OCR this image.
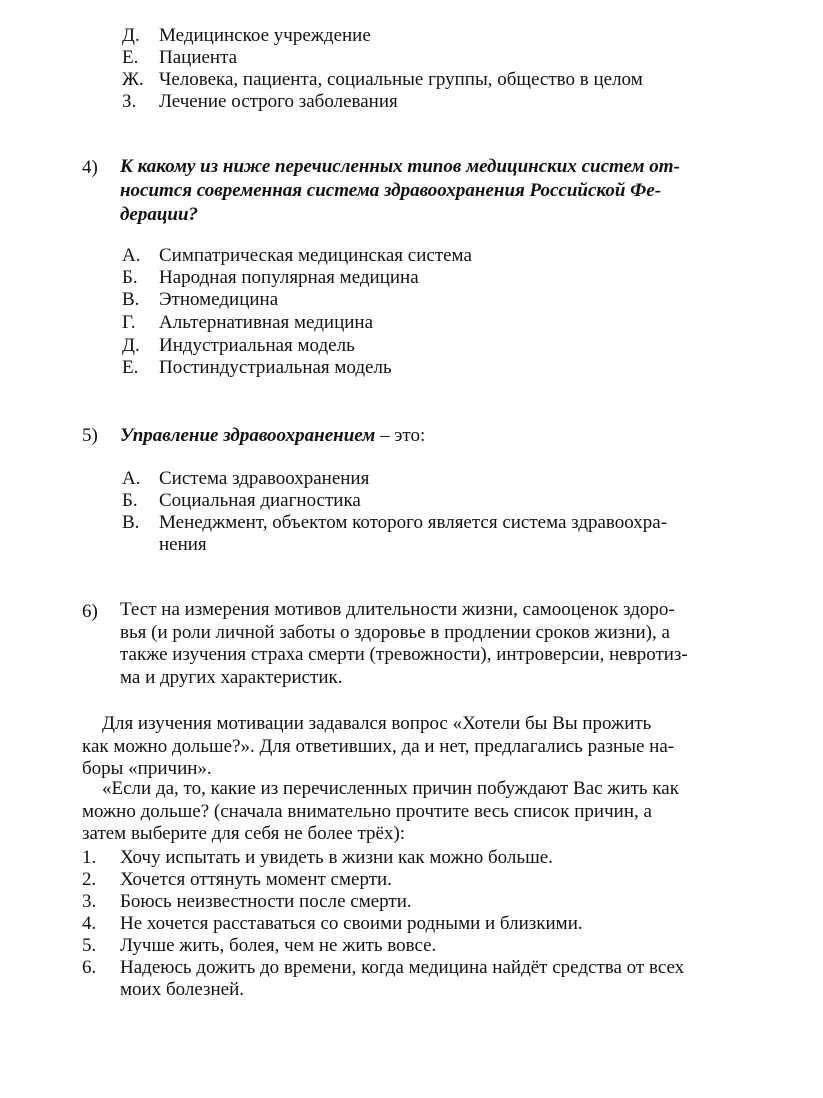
Д. Медицинское учреждение
Е. Пациента
Ж. Человека, пациента, социальные группы, общество в целом
З. Лечение острого заболевания
4) К какому из ниже перечисленных типов медицинских систем от-
носится современная система здравоохранения Российской Фе-
дерации?
А. Симпатрическая медицинская система
Б. Народная популярная медицина
В. Этномедицина
Г. Альтернативная медицина
Д. Индустриальная модель
Е. Постиндустриальная модель
5) Управление здравоохранением – это:
А. Система здравоохранения
Б. Социальная диагностика
В. Менеджмент, объектом которого является система здравоохра-
нения
6) Тест на измерения мотивов длительности жизни, самооценок здоро-
вья (и роли личной заботы о здоровье в продлении сроков жизни), а
также изучения страха смерти (тревожности), интроверсии, невротиз-
ма и других характеристик.
Для изучения мотивации задавался вопрос «Хотели бы Вы прожить
как можно дольше?». Для ответивших, да и нет, предлагались разные на-
боры «причин».
«Если да, то, какие из перечисленных причин побуждают Вас жить как
можно дольше? (сначала внимательно прочтите весь список причин, а
затем выберите для себя не более трёх):
1. Хочу испытать и увидеть в жизни как можно больше.
2. Хочется оттянуть момент смерти.
3. Боюсь неизвестности после смерти.
4. Не хочется расставаться со своими родными и близкими.
5. Лучше жить, болея, чем не жить вовсе.
6. Надеюсь дожить до времени, когда медицина найдёт средства от всех
моих болезней.
